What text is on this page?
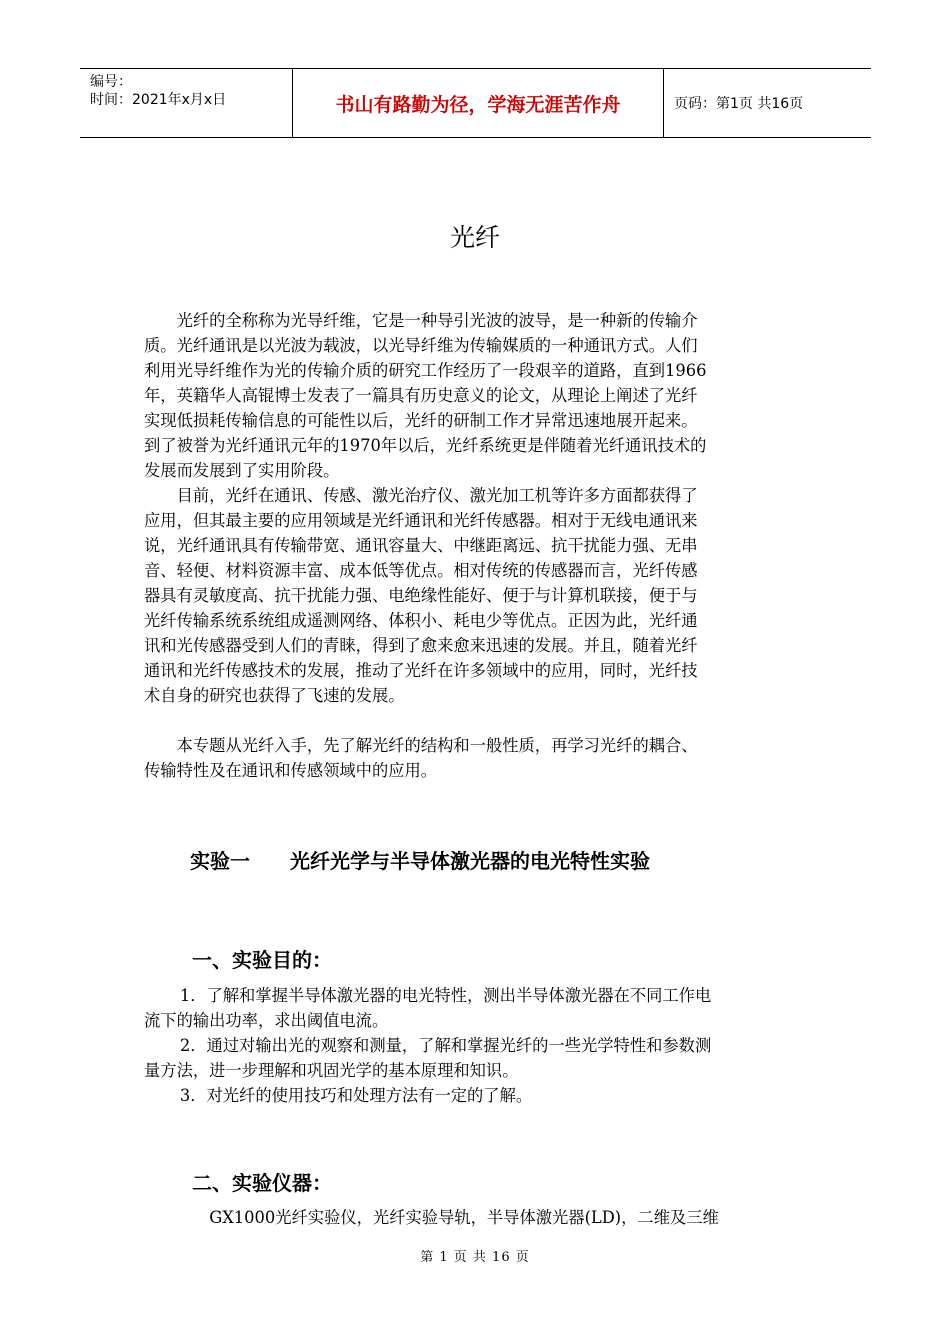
编号：
时间：2021年x月x日	书山有路勤为径，学海无涯苦作舟	页码：第1页 共16页
光纤
光纤的全称称为光导纤维，它是一种导引光波的波导，是一种新的传输介
质。光纤通讯是以光波为载波，以光导纤维为传输媒质的一种通讯方式。人们
利用光导纤维作为光的传输介质的研究工作经历了一段艰辛的道路，直到1966
年，英籍华人高锟博士发表了一篇具有历史意义的论文，从理论上阐述了光纤
实现低损耗传输信息的可能性以后，光纤的研制工作才异常迅速地展开起来。
到了被誉为光纤通讯元年的1970年以后，光纤系统更是伴随着光纤通讯技术的
发展而发展到了实用阶段。
目前，光纤在通讯、传感、激光治疗仪、激光加工机等许多方面都获得了
应用，但其最主要的应用领域是光纤通讯和光纤传感器。相对于无线电通讯来
说，光纤通讯具有传输带宽、通讯容量大、中继距离远、抗干扰能力强、无串
音、轻便、材料资源丰富、成本低等优点。相对传统的传感器而言，光纤传感
器具有灵敏度高、抗干扰能力强、电绝缘性能好、便于与计算机联接，便于与
光纤传输系统系统组成遥测网络、体积小、耗电少等优点。正因为此，光纤通
讯和光传感器受到人们的青睐，得到了愈来愈来迅速的发展。并且，随着光纤
通讯和光纤传感技术的发展，推动了光纤在许多领域中的应用，同时，光纤技
术自身的研究也获得了飞速的发展。
本专题从光纤入手，先了解光纤的结构和一般性质，再学习光纤的耦合、
传输特性及在通讯和传感领域中的应用。
实验一 光纤光学与半导体激光器的电光特性实验
一、实验目的：
1．了解和掌握半导体激光器的电光特性，测出半导体激光器在不同工作电
流下的输出功率，求出阈值电流。
2．通过对输出光的观察和测量，了解和掌握光纤的一些光学特性和参数测
量方法，进一步理解和巩固光学的基本原理和知识。
3．对光纤的使用技巧和处理方法有一定的了解。
二、实验仪器：
GX1000光纤实验仪，光纤实验导轨，半导体激光器(LD)，二维及三维
第 1 页 共 16 页
